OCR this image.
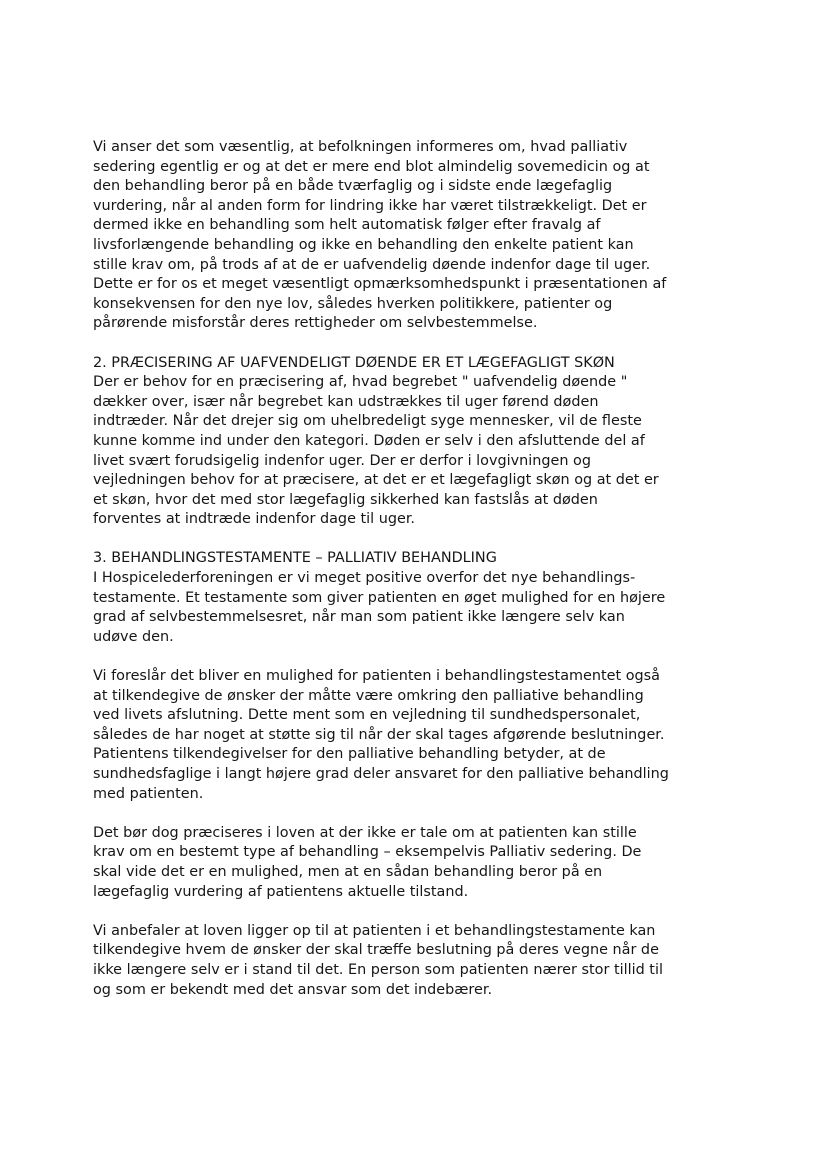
Vi anser det som væsentlig, at befolkningen informeres om, hvad palliativ
sedering egentlig er og at det er mere end blot almindelig sovemedicin og at
den behandling beror på en både tværfaglig og i sidste ende lægefaglig
vurdering, når al anden form for lindring ikke har været tilstrækkeligt. Det er
dermed ikke en behandling som helt automatisk følger efter fravalg af
livsforlængende behandling og ikke en behandling den enkelte patient kan
stille krav om, på trods af at de er uafvendelig døende indenfor dage til uger.
Dette er for os et meget væsentligt opmærksomhedspunkt i præsentationen af
konsekvensen for den nye lov, således hverken politikkere, patienter og
pårørende misforstår deres rettigheder om selvbestemmelse.
2. PRÆCISERING AF UAFVENDELIGT DØENDE ER ET LÆGEFAGLIGT SKØN
Der er behov for en præcisering af, hvad begrebet " uafvendelig døende "
dækker over, især når begrebet kan udstrækkes til uger førend døden
indtræder. Når det drejer sig om uhelbredeligt syge mennesker, vil de fleste
kunne komme ind under den kategori. Døden er selv i den afsluttende del af
livet svært forudsigelig indenfor uger. Der er derfor i lovgivningen og
vejledningen behov for at præcisere, at det er et lægefagligt skøn og at det er
et skøn, hvor det med stor lægefaglig sikkerhed kan fastslås at døden
forventes at indtræde indenfor dage til uger.
3. BEHANDLINGSTESTAMENTE – PALLIATIV BEHANDLING
I Hospicelederforeningen er vi meget positive overfor det nye behandlings-
testamente. Et testamente som giver patienten en øget mulighed for en højere
grad af selvbestemmelsesret, når man som patient ikke længere selv kan
udøve den.
Vi foreslår det bliver en mulighed for patienten i behandlingstestamentet også
at tilkendegive de ønsker der måtte være omkring den palliative behandling
ved livets afslutning. Dette ment som en vejledning til sundhedspersonalet,
således de har noget at støtte sig til når der skal tages afgørende beslutninger.
Patientens tilkendegivelser for den palliative behandling betyder, at de
sundhedsfaglige i langt højere grad deler ansvaret for den palliative behandling
med patienten.
Det bør dog præciseres i loven at der ikke er tale om at patienten kan stille
krav om en bestemt type af behandling – eksempelvis Palliativ sedering. De
skal vide det er en mulighed, men at en sådan behandling beror på en
lægefaglig vurdering af patientens aktuelle tilstand.
Vi anbefaler at loven ligger op til at patienten i et behandlingstestamente kan
tilkendegive hvem de ønsker der skal træffe beslutning på deres vegne når de
ikke længere selv er i stand til det. En person som patienten nærer stor tillid til
og som er bekendt med det ansvar som det indebærer.
